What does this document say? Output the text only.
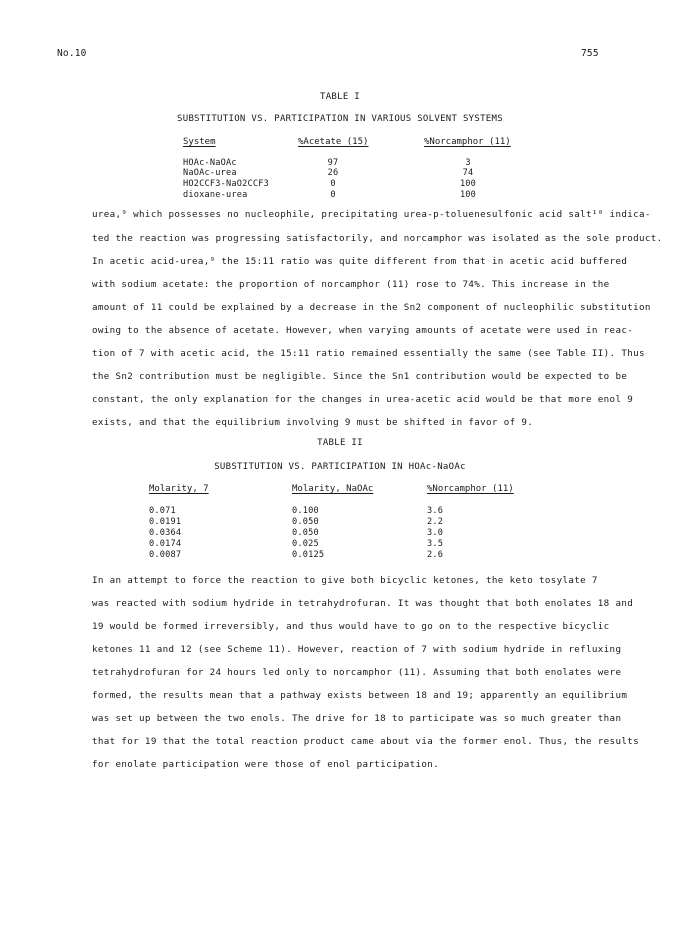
No.10	755
TABLE I
SUBSTITUTION VS. PARTICIPATION IN VARIOUS SOLVENT SYSTEMS
System	%Acetate (15)	%Norcamphor (11)
HOAc-NaOAc	97	3
NaOAc-urea	26	74
HO2CCF3-NaO2CCF3	0	100
dioxane-urea	0	100
urea,⁹ which possesses no nucleophile, precipitating urea-p-toluenesulfonic acid salt¹⁰ indica-
ted the reaction was progressing satisfactorily, and norcamphor was isolated as the sole product.
In acetic acid-urea,⁹ the 15:11 ratio was quite different from that in acetic acid buffered
with sodium acetate: the proportion of norcamphor (11) rose to 74%. This increase in the
amount of 11 could be explained by a decrease in the Sn2 component of nucleophilic substitution
owing to the absence of acetate. However, when varying amounts of acetate were used in reac-
tion of 7 with acetic acid, the 15:11 ratio remained essentially the same (see Table II). Thus
the Sn2 contribution must be negligible. Since the Sn1 contribution would be expected to be
constant, the only explanation for the changes in urea-acetic acid would be that more enol 9
exists, and that the equilibrium involving 9 must be shifted in favor of 9.
TABLE II
SUBSTITUTION VS. PARTICIPATION IN HOAc-NaOAc
Molarity, 7	Molarity, NaOAc	%Norcamphor (11)
0.071	0.100	3.6
0.0191	0.050	2.2
0.0364	0.050	3.0
0.0174	0.025	3.5
0.0087	0.0125	2.6
In an attempt to force the reaction to give both bicyclic ketones, the keto tosylate 7
was reacted with sodium hydride in tetrahydrofuran. It was thought that both enolates 18 and
19 would be formed irreversibly, and thus would have to go on to the respective bicyclic
ketones 11 and 12 (see Scheme 11). However, reaction of 7 with sodium hydride in refluxing
tetrahydrofuran for 24 hours led only to norcamphor (11). Assuming that both enolates were
formed, the results mean that a pathway exists between 18 and 19; apparently an equilibrium
was set up between the two enols. The drive for 18 to participate was so much greater than
that for 19 that the total reaction product came about via the former enol. Thus, the results
for enolate participation were those of enol participation.
